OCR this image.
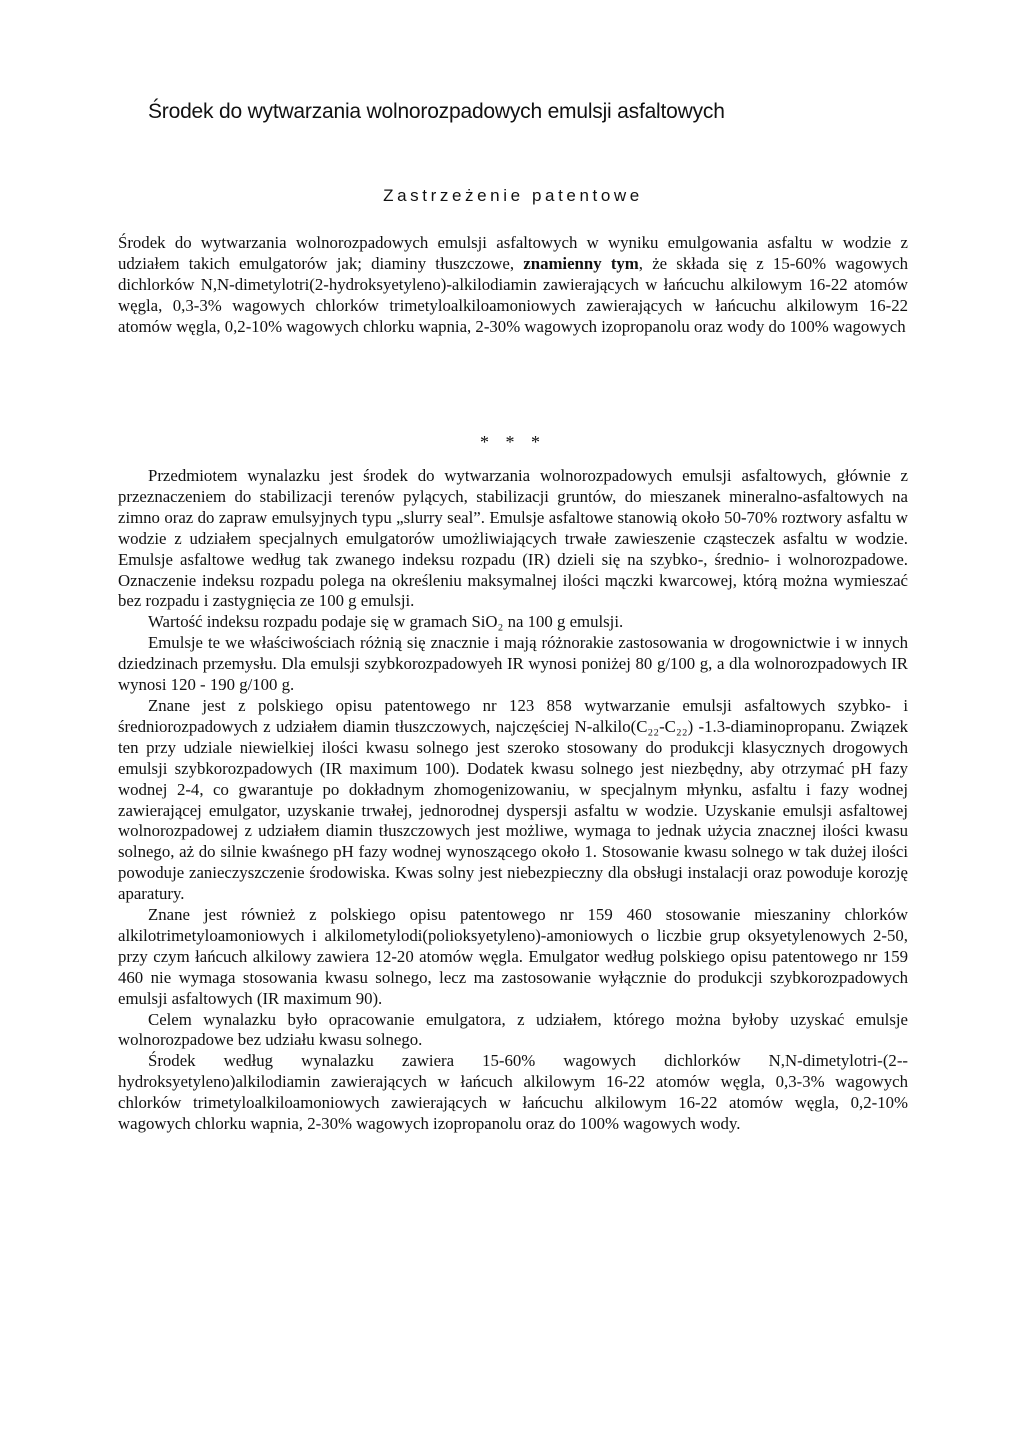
Środek do wytwarzania wolnorozpadowych emulsji asfaltowych
Zastrzeżenie patentowe

Środek do wytwarzania wolnorozpadowych emulsji asfaltowych w wyniku emulgowania asfaltu w wodzie z udziałem takich emulgatorów jak; diaminy tłuszczowe, znamienny tym, że składa się z 15-60% wagowych dichlorków N,N-dimetylotri(2-hydroksyetyleno)-alkilodiamin zawierających w łańcuchu alkilowym 16-22 atomów węgla, 0,3-3% wagowych chlorków trimetyloalkiloamoniowych zawierających w łańcuchu alkilowym 16-22 atomów węgla, 0,2-10% wagowych chlorku wapnia, 2-30% wagowych izopropanolu oraz wody do 100% wagowych

* * *

Przedmiotem wynalazku jest środek do wytwarzania wolnorozpadowych emulsji asfaltowych, głównie z przeznaczeniem do stabilizacji terenów pylących, stabilizacji gruntów, do mieszanek mineralno-asfaltowych na zimno oraz do zapraw emulsyjnych typu „slurry seal”. Emulsje asfaltowe stanowią około 50-70% roztwory asfaltu w wodzie z udziałem specjalnych emulgatorów umożliwiających trwałe zawieszenie cząsteczek asfaltu w wodzie. Emulsje asfaltowe według tak zwanego indeksu rozpadu (IR) dzieli się na szybko-, średnio- i wolnorozpadowe. Oznaczenie indeksu rozpadu polega na określeniu maksymalnej ilości mączki kwarcowej, którą można wymieszać bez rozpadu i zastygnięcia ze 100 g emulsji.

Wartość indeksu rozpadu podaje się w gramach SiO₂ na 100 g emulsji.

Emulsje te we właściwościach różnią się znacznie i mają różnorakie zastosowania w drogownictwie i w innych dziedzinach przemysłu. Dla emulsji szybkorozpadowyeh IR wynosi poniżej 80 g/100 g, a dla wolnorozpadowych IR wynosi 120 - 190 g/100 g.

Znane jest z polskiego opisu patentowego nr 123 858 wytwarzanie emulsji asfaltowych szybko- i średniorozpadowych z udziałem diamin tłuszczowych, najczęściej N-alkilo(C₂₂-C₂₂) -1.3-diaminopropanu. Związek ten przy udziale niewielkiej ilości kwasu solnego jest szeroko stosowany do produkcji klasycznych drogowych emulsji szybkorozpadowych (IR maximum 100). Dodatek kwasu solnego jest niezbędny, aby otrzymać pH fazy wodnej 2-4, co gwarantuje po dokładnym zhomogenizowaniu, w specjalnym młynku, asfaltu i fazy wodnej zawierającej emulgator, uzyskanie trwałej, jednorodnej dyspersji asfaltu w wodzie. Uzyskanie emulsji asfaltowej wolnorozpadowej z udziałem diamin tłuszczowych jest możliwe, wymaga to jednak użycia znacznej ilości kwasu solnego, aż do silnie kwaśnego pH fazy wodnej wynoszącego około 1. Stosowanie kwasu solnego w tak dużej ilości powoduje zanieczyszczenie środowiska. Kwas solny jest niebezpieczny dla obsługi instalacji oraz powoduje korozję aparatury.

Znane jest również z polskiego opisu patentowego nr 159 460 stosowanie mieszaniny chlorków alkilotrimetyloamoniowych i alkilometylodi(polioksyetyleno)-amoniowych o liczbie grup oksyetylenowych 2-50, przy czym łańcuch alkilowy zawiera 12-20 atomów węgla. Emulgator według polskiego opisu patentowego nr 159 460 nie wymaga stosowania kwasu solnego, lecz ma zastosowanie wyłącznie do produkcji szybkorozpadowych emulsji asfaltowych (IR maximum 90).

Celem wynalazku było opracowanie emulgatora, z udziałem, którego można byłoby uzyskać emulsje wolnorozpadowe bez udziału kwasu solnego.

Środek według wynalazku zawiera 15-60% wagowych dichlorków N,N-dimetylotri-(2--hydroksyetyleno)alkilodiamin zawierających w łańcuch alkilowym 16-22 atomów węgla, 0,3-3% wagowych chlorków trimetyloalkiloamoniowych zawierających w łańcuchu alkilowym 16-22 atomów węgla, 0,2-10% wagowych chlorku wapnia, 2-30% wagowych izopropanolu oraz do 100% wagowych wody.
